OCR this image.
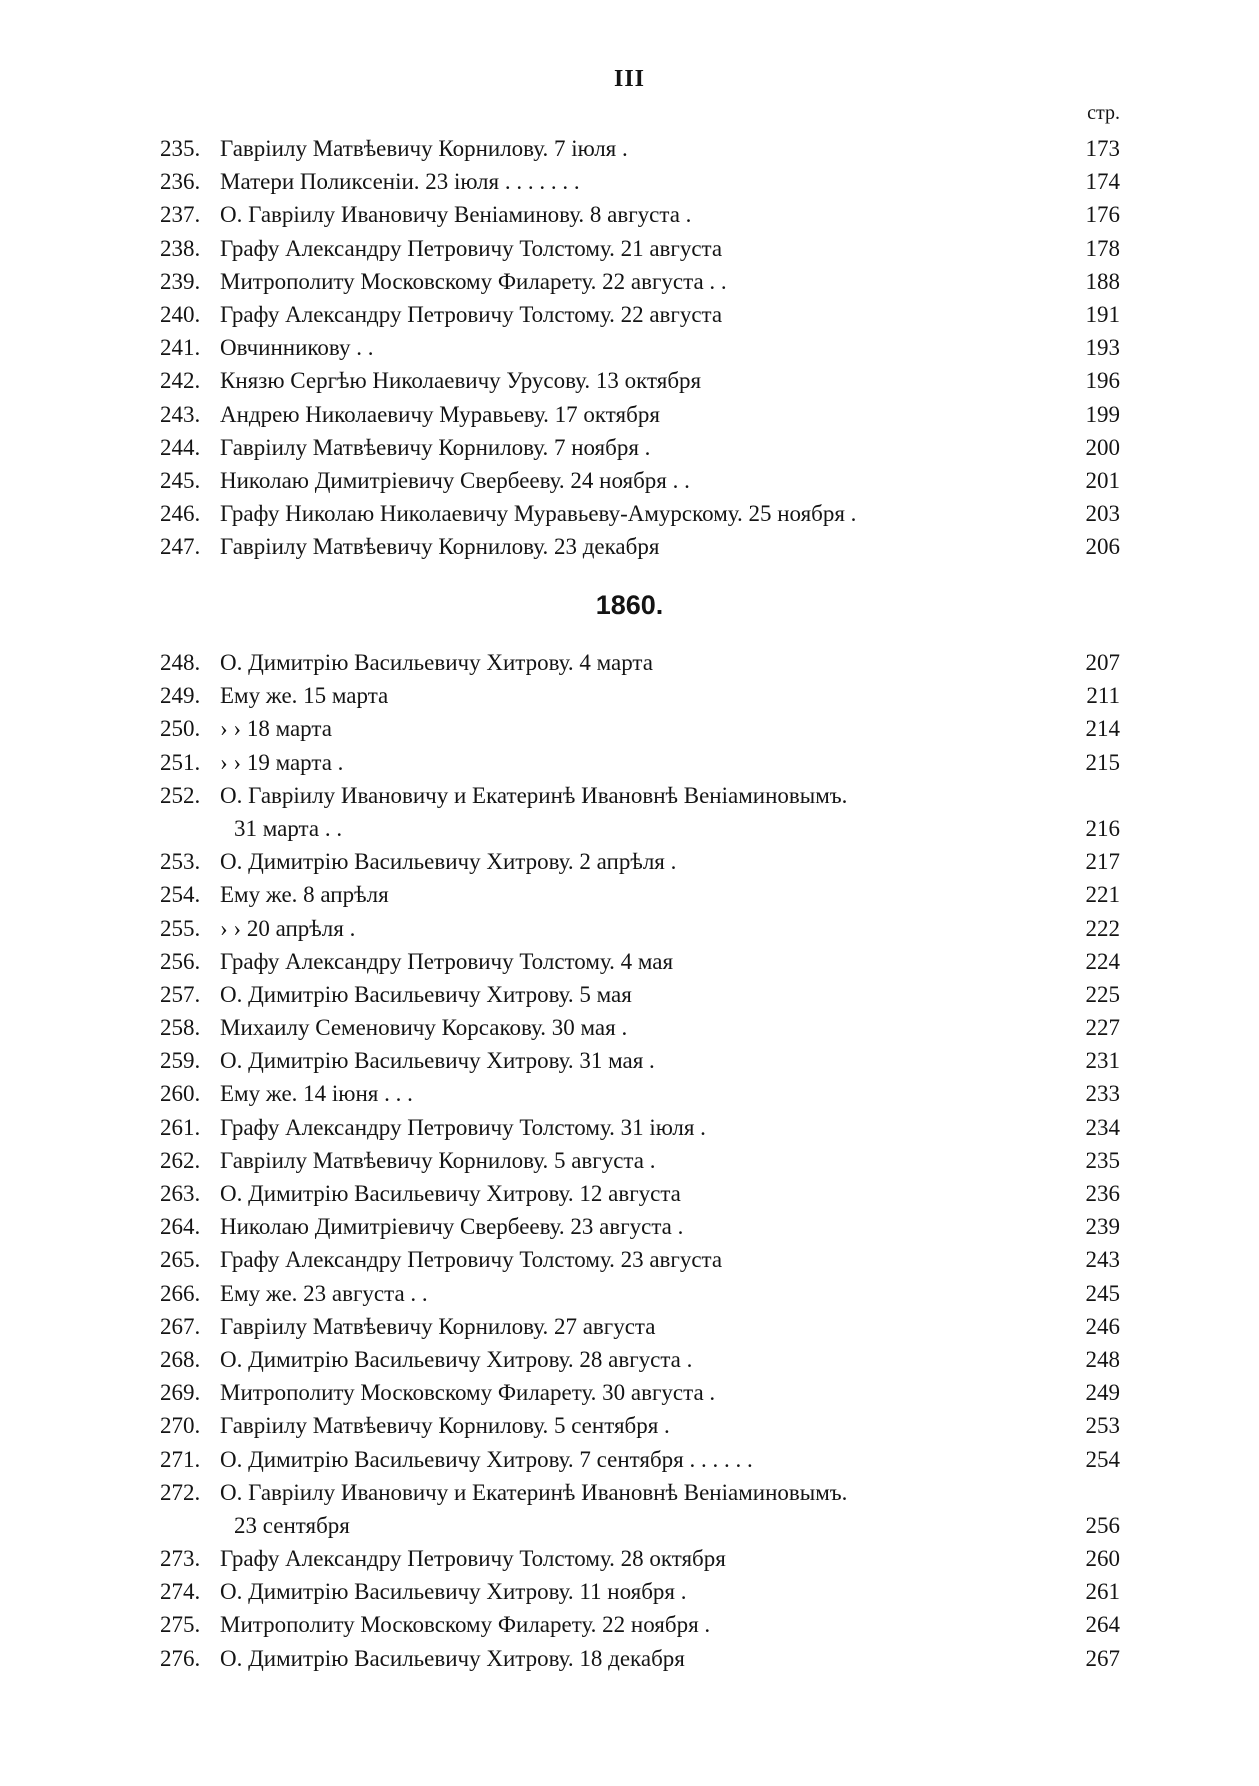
III
стр.
235. Гавріилу Матвѣевичу Корнилову. 7 іюля .	173
236. Матери Поликсеніи. 23 іюля . . . . . . .	174
237. О. Гавріилу Ивановичу Веніаминову. 8 августа .	176
238. Графу Александру Петровичу Толстому. 21 августа	178
239. Митрополиту Московскому Филарету. 22 августа . .	188
240. Графу Александру Петровичу Толстому. 22 августа	191
241. Овчинникову . .	193
242. Князю Сергѣю Николаевичу Урусову. 13 октября	196
243. Андрею Николаевичу Муравьеву. 17 октября	199
244. Гавріилу Матвѣевичу Корнилову. 7 ноября .	200
245. Николаю Димитріевичу Свербееву. 24 ноября . .	201
246. Графу Николаю Николаевичу Муравьеву-Амурскому. 25 ноября .	203
247. Гавріилу Матвѣевичу Корнилову. 23 декабря	206
1860.
248. О. Димитрію Васильевичу Хитрову. 4 марта	207
249. Ему же. 15 марта	211
250. › › 18 марта	214
251. › › 19 марта .	215
252. О. Гавріилу Ивановичу и Екатеринѣ Ивановнѣ Веніаминовымъ.
31 марта . .	216
253. О. Димитрію Васильевичу Хитрову. 2 апрѣля .	217
254. Ему же. 8 апрѣля	221
255. › › 20 апрѣля .	222
256. Графу Александру Петровичу Толстому. 4 мая	224
257. О. Димитрію Васильевичу Хитрову. 5 мая	225
258. Михаилу Семеновичу Корсакову. 30 мая .	227
259. О. Димитрію Васильевичу Хитрову. 31 мая .	231
260. Ему же. 14 іюня . . .	233
261. Графу Александру Петровичу Толстому. 31 іюля .	234
262. Гавріилу Матвѣевичу Корнилову. 5 августа .	235
263. О. Димитрію Васильевичу Хитрову. 12 августа	236
264. Николаю Димитріевичу Свербееву. 23 августа .	239
265. Графу Александру Петровичу Толстому. 23 августа	243
266. Ему же. 23 августа . .	245
267. Гавріилу Матвѣевичу Корнилову. 27 августа	246
268. О. Димитрію Васильевичу Хитрову. 28 августа .	248
269. Митрополиту Московскому Филарету. 30 августа .	249
270. Гавріилу Матвѣевичу Корнилову. 5 сентября .	253
271. О. Димитрію Васильевичу Хитрову. 7 сентября . . . . . .	254
272. О. Гавріилу Ивановичу и Екатеринѣ Ивановнѣ Веніаминовымъ.
23 сентября	256
273. Графу Александру Петровичу Толстому. 28 октября	260
274. О. Димитрію Васильевичу Хитрову. 11 ноября .	261
275. Митрополиту Московскому Филарету. 22 ноября .	264
276. О. Димитрію Васильевичу Хитрову. 18 декабря	267
